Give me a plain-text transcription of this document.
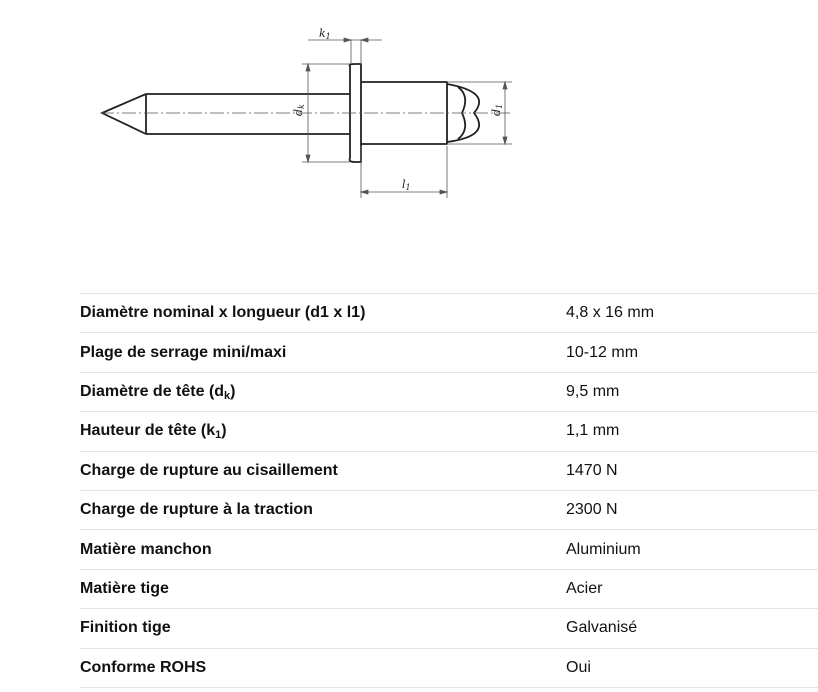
k1
dk
d1
l1
Diamètre nominal x longueur (d1 x l1)	4,8 x 16 mm
Plage de serrage mini/maxi	10-12 mm
Diamètre de tête $(d_k)$	9,5 mm
Hauteur de tête $(k_1)$	1,1 mm
Charge de rupture au cisaillement	1470 N
Charge de rupture à la traction	2300 N
Matière manchon	Aluminium
Matière tige	Acier
Finition tige	Galvanisé
Conforme ROHS	Oui
